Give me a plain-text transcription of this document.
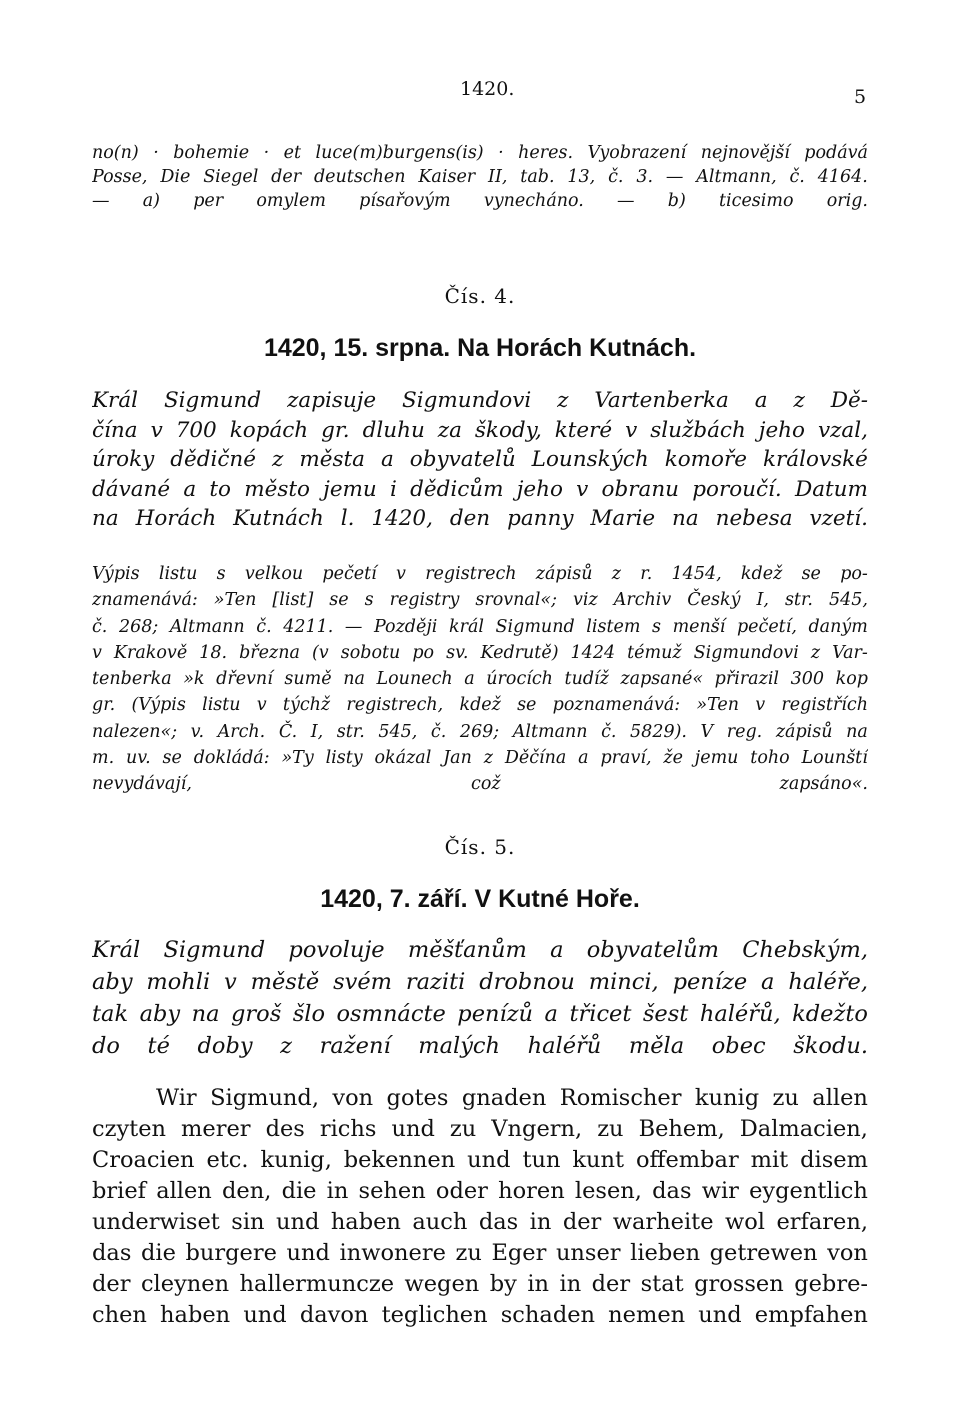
1420.	5
no(n) · bohemie · et luce(m)burgens(is) · heres. Vyobrazení nejnovější podává
Posse, Die Siegel der deutschen Kaiser II, tab. 13, č. 3. — Altmann, č. 4164.
— a) per omylem písařovým vynecháno. — b) ticesimo orig.
Čís. 4.
1420, 15. srpna. Na Horách Kutnách.
Král Sigmund zapisuje Sigmundovi z Vartenberka a z Dě-
čína v 700 kopách gr. dluhu za škody, které v službách jeho vzal,
úroky dědičné z města a obyvatelů Lounských komoře královské
dávané a to město jemu i dědicům jeho v obranu poroučí. Datum
na Horách Kutnách l. 1420, den panny Marie na nebesa vzetí.
Výpis listu s velkou pečetí v registrech zápisů z r. 1454, kdež se po-
znamenává: »Ten [list] se s registry srovnal«; viz Archiv Český I, str. 545,
č. 268; Altmann č. 4211. — Později král Sigmund listem s menší pečetí, daným
v Krakově 18. března (v sobotu po sv. Kedrutě) 1424 témuž Sigmundovi z Var-
tenberka »k dřevní sumě na Lounech a úrocích tudíž zapsané« přirazil 300 kop
gr. (Výpis listu v týchž registrech, kdež se poznamenává: »Ten v registřích
nalezen«; v. Arch. Č. I, str. 545, č. 269; Altmann č. 5829). V reg. zápisů na
m. uv. se dokládá: »Ty listy okázal Jan z Děčína a praví, že jemu toho Lounští
nevydávají, což zapsáno«.
Čís. 5.
1420, 7. září. V Kutné Hoře.
Král Sigmund povoluje měšťanům a obyvatelům Chebským,
aby mohli v městě svém raziti drobnou minci, peníze a haléře,
tak aby na groš šlo osmnácte penízů a třicet šest haléřů, kdežto
do té doby z ražení malých haléřů měla obec škodu.
Wir Sigmund, von gotes gnaden Romischer kunig zu allen
czyten merer des richs und zu Vngern, zu Behem, Dalmacien,
Croacien etc. kunig, bekennen und tun kunt offembar mit disem
brief allen den, die in sehen oder horen lesen, das wir eygentlich
underwiset sin und haben auch das in der warheite wol erfaren,
das die burgere und inwonere zu Eger unser lieben getrewen von
der cleynen hallermuncze wegen by in in der stat grossen gebre-
chen haben und davon teglichen schaden nemen und empfahen
